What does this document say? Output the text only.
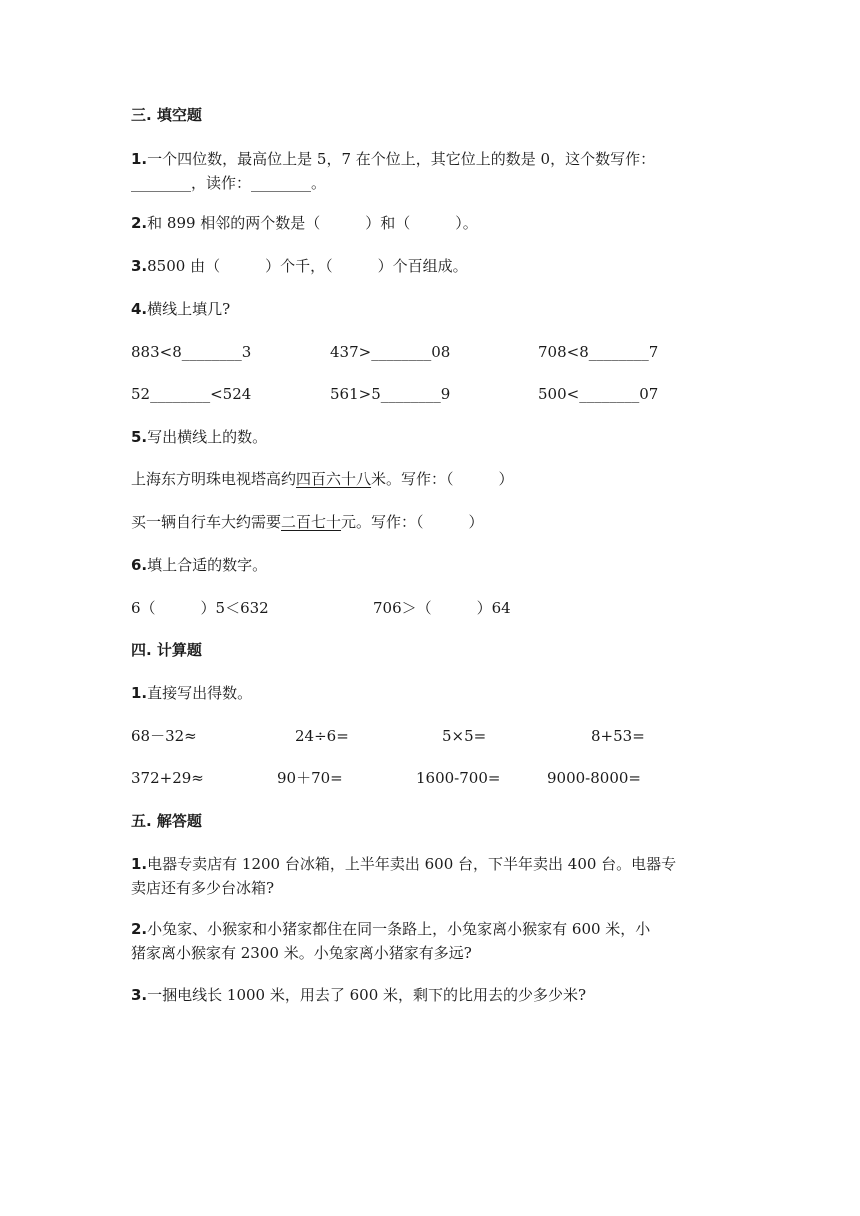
三. 填空题
1.一个四位数，最高位上是 5，7 在个位上，其它位上的数是 0，这个数写作：
________，读作：________。
2.和 899 相邻的两个数是（　　　）和（　　　）。
3.8500 由（　　　）个千，（　　　）个百组成。
4.横线上填几?
883<8________3	437>________08	708<8________7
52________<524	561>5________9	500<________07
5.写出横线上的数。
上海东方明珠电视塔高约四百六十八米。写作：（　　　）
买一辆自行车大约需要二百七十元。写作：（　　　）
6.填上合适的数字。
6（　　　）5＜632	706＞（　　　）64
四. 计算题
1.直接写出得数。
68－32≈	24÷6=	5×5=	8+53=
372+29≈	90＋70=	1600-700=	9000-8000=
五. 解答题
1.电器专卖店有 1200 台冰箱，上半年卖出 600 台，下半年卖出 400 台。电器专
卖店还有多少台冰箱?
2.小兔家、小猴家和小猪家都住在同一条路上，小兔家离小猴家有 600 米，小
猪家离小猴家有 2300 米。小兔家离小猪家有多远?
3.一捆电线长 1000 米，用去了 600 米，剩下的比用去的少多少米?
